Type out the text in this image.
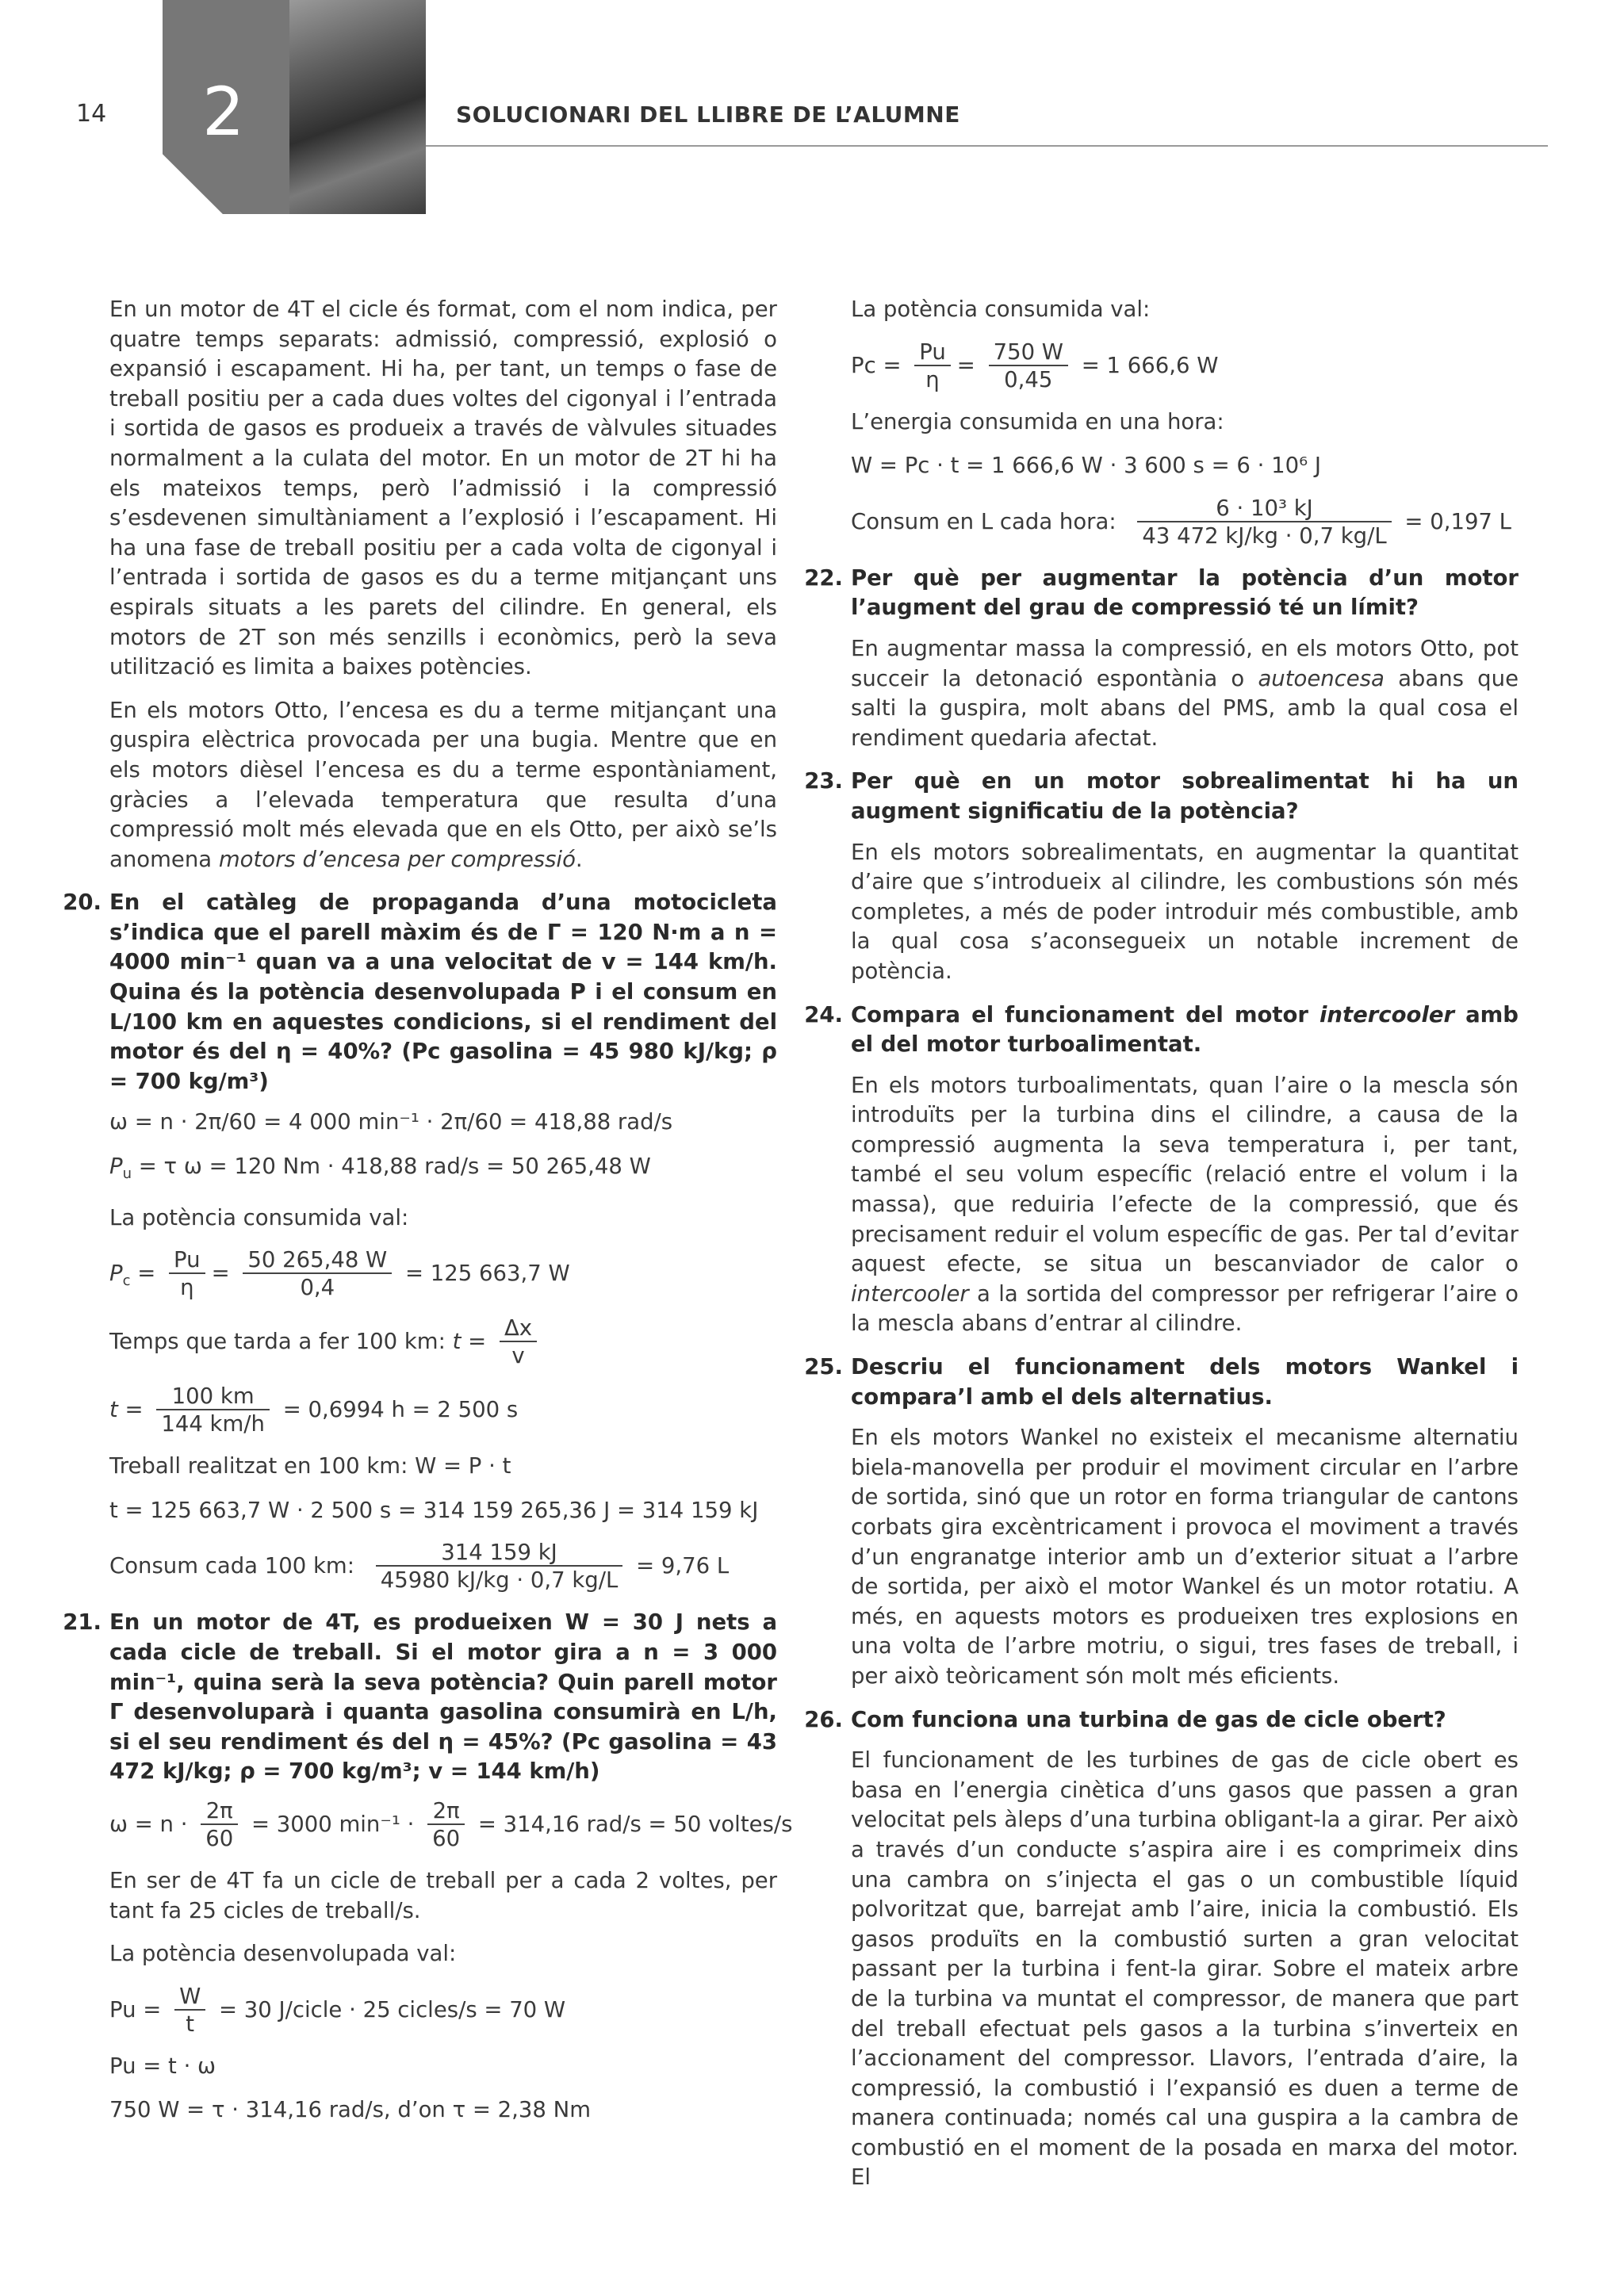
14 2	SOLUCIONARI DEL LLIBRE DE L’ALUMNE

En un motor de 4T el cicle és format, com el nom indica, per quatre temps separats: admissió, compressió, explosió o expansió i escapament. Hi ha, per tant, un temps o fase de treball positiu per a cada dues voltes del cigonyal i l’entrada i sortida de gasos es produeix a través de vàlvules situades normalment a la culata del motor. En un motor de 2T hi ha els mateixos temps, però l’admissió i la compressió s’esdevenen simultàniament a l’explosió i l’escapament. Hi ha una fase de treball positiu per a cada volta de cigonyal i l’entrada i sortida de gasos es du a terme mitjançant uns espirals situats a les parets del cilindre. En general, els motors de 2T son més senzills i econòmics, però la seva utilització es limita a baixes potències.

En els motors Otto, l’encesa es du a terme mitjançant una guspira elèctrica provocada per una bugia. Mentre que en els motors dièsel l’encesa es du a terme espontàniament, gràcies a l’elevada temperatura que resulta d’una compressió molt més elevada que en els Otto, per això se’ls anomena motors d’encesa per compressió.

20. En el catàleg de propaganda d’una motocicleta s’indica que el parell màxim és de Γ = 120 N·m a n = 4000 min⁻¹ quan va a una velocitat de v = 144 km/h. Quina és la potència desenvolupada P i el consum en L/100 km en aquestes condicions, si el rendiment del motor és del η = 40%? (Pc gasolina = 45 980 kJ/kg; ρ = 700 kg/m³)
ω = n · 2π/60 = 4 000 min⁻¹ · 2π/60 = 418,88 rad/s
$P_u = \tau$ ω = 120 Nm · 418,88 rad/s = 50 265,48 W
La potència consumida val:
$P_c = \frac{Pu}{\eta} = \frac{50 265,48 W}{0,4} = 125$ 663,7 W
Temps que tarda a fer 100 km: $t = \frac{\Delta x}{v}$
$t = \frac{100 km}{144 km/h} = 0,6994$ h = 2 500 s
Treball realitzat en 100 km: W = P · t
t = 125 663,7 W · 2 500 s = 314 159 265,36 J = 314 159 kJ
Consum cada 100 km: $\frac{314 159 kJ}{45980 kJ/kg \cdot 0,7 kg/L} = 9,76$ L
21. En un motor de 4T, es produeixen W = 30 J nets a cada cicle de treball. Si el motor gira a n = 3 000 min⁻¹, quina serà la seva potència? Quin parell motor Γ desenvoluparà i quanta gasolina consumirà en L/h, si el seu rendiment és del η = 45%? (Pc gasolina = 43 472 kJ/kg; ρ = 700 kg/m³; v = 144 km/h)
$\omega = n \cdot \frac{2\pi}{60} = 3000$ $\min^{-1} \cdot \frac{2\pi}{60} = 314,16$ rad/s = 50 voltes/s

En ser de 4T fa un cicle de treball per a cada 2 voltes, per tant fa 25 cicles de treball/s.

La potència desenvolupada val:
$Pu = \frac{W}{t} = 30$ J/cicle · 25 cicles/s = 70 W
Pu = t · ω
750 W = τ · 314,16 rad/s, d’on τ = 2,38 Nm
La potència consumida val:
$Pc = \frac{Pu}{\eta} = \frac{750 W}{0,45} = 1$ 666,6 W
L’energia consumida en una hora:
W = Pc · t = 1 666,6 W · 3 600 s = 6 · 10⁶ J
Consum en L cada hora: $\frac{\text{6 · 10³ kJ}}{43 472 kJ/kg \cdot 0,7 kg/L} = 0,197$ L
22. Per què per augmentar la potència d’un motor l’augment del grau de compressió té un límit?

En augmentar massa la compressió, en els motors Otto, pot succeir la detonació espontània o autoencesa abans que salti la guspira, molt abans del PMS, amb la qual cosa el rendiment quedaria afectat.

23. Per què en un motor sobrealimentat hi ha un augment significatiu de la potència?

En els motors sobrealimentats, en augmentar la quantitat d’aire que s’introdueix al cilindre, les combustions són més completes, a més de poder introduir més combustible, amb la qual cosa s’aconsegueix un notable increment de potència.

24. Compara el funcionament del motor intercooler amb el del motor turboalimentat.

En els motors turboalimentats, quan l’aire o la mescla són introduïts per la turbina dins el cilindre, a causa de la compressió augmenta la seva temperatura i, per tant, també el seu volum específic (relació entre el volum i la massa), que reduiria l’efecte de la compressió, que és precisament reduir el volum específic de gas. Per tal d’evitar aquest efecte, se situa un bescanviador de calor o intercooler a la sortida del compressor per refrigerar l’aire o la mescla abans d’entrar al cilindre.

25. Descriu el funcionament dels motors Wankel i compara’l amb el dels alternatius.

En els motors Wankel no existeix el mecanisme alternatiu biela-manovella per produir el moviment circular en l’arbre de sortida, sinó que un rotor en forma triangular de cantons corbats gira excèntricament i provoca el moviment a través d’un engranatge interior amb un d’exterior situat a l’arbre de sortida, per això el motor Wankel és un motor rotatiu. A més, en aquests motors es produeixen tres explosions en una volta de l’arbre motriu, o sigui, tres fases de treball, i per això teòricament són molt més eficients.

26. Com funciona una turbina de gas de cicle obert?

El funcionament de les turbines de gas de cicle obert es basa en l’energia cinètica d’uns gasos que passen a gran velocitat pels àleps d’una turbina obligant-la a girar. Per això a través d’un conducte s’aspira aire i es comprimeix dins una cambra on s’injecta el gas o un combustible líquid polvoritzat que, barrejat amb l’aire, inicia la combustió. Els gasos produïts en la combustió surten a gran velocitat passant per la turbina i fent-la girar. Sobre el mateix arbre de la turbina va muntat el compressor, de manera que part del treball efectuat pels gasos a la turbina s’inverteix en l’accionament del compressor. Llavors, l’entrada d’aire, la compressió, la combustió i l’expansió es duen a terme de manera continuada; només cal una guspira a la cambra de combustió en el moment de la posada en marxa del motor. El
